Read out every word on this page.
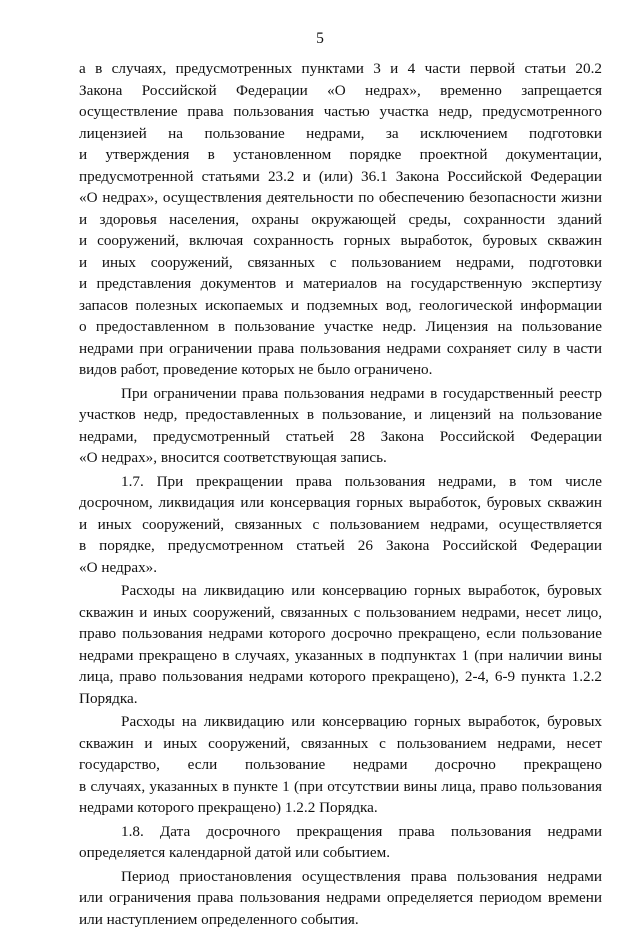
5
а в случаях, предусмотренных пунктами 3 и 4 части первой статьи 20.2
Закона Российской Федерации «О недрах», временно запрещается
осуществление права пользования частью участка недр, предусмотренного
лицензией на пользование недрами, за исключением подготовки
и утверждения в установленном порядке проектной документации,
предусмотренной статьями 23.2 и (или) 36.1 Закона Российской Федерации
«О недрах», осуществления деятельности по обеспечению безопасности жизни
и здоровья населения, охраны окружающей среды, сохранности зданий
и сооружений, включая сохранность горных выработок, буровых скважин
и иных сооружений, связанных с пользованием недрами, подготовки
и представления документов и материалов на государственную экспертизу
запасов полезных ископаемых и подземных вод, геологической информации
о предоставленном в пользование участке недр. Лицензия на пользование
недрами при ограничении права пользования недрами сохраняет силу в части
видов работ, проведение которых не было ограничено.
При ограничении права пользования недрами в государственный реестр
участков недр, предоставленных в пользование, и лицензий на пользование
недрами, предусмотренный статьей 28 Закона Российской Федерации
«О недрах», вносится соответствующая запись.
1.7. При прекращении права пользования недрами, в том числе
досрочном, ликвидация или консервация горных выработок, буровых скважин
и иных сооружений, связанных с пользованием недрами, осуществляется
в порядке, предусмотренном статьей 26 Закона Российской Федерации
«О недрах».
Расходы на ликвидацию или консервацию горных выработок, буровых
скважин и иных сооружений, связанных с пользованием недрами, несет лицо,
право пользования недрами которого досрочно прекращено, если пользование
недрами прекращено в случаях, указанных в подпунктах 1 (при наличии вины
лица, право пользования недрами которого прекращено), 2-4, 6-9 пункта 1.2.2
Порядка.
Расходы на ликвидацию или консервацию горных выработок, буровых
скважин и иных сооружений, связанных с пользованием недрами, несет
государство, если пользование недрами досрочно прекращено
в случаях, указанных в пункте 1 (при отсутствии вины лица, право пользования
недрами которого прекращено) 1.2.2 Порядка.
1.8. Дата досрочного прекращения права пользования недрами
определяется календарной датой или событием.
Период приостановления осуществления права пользования недрами
или ограничения права пользования недрами определяется периодом времени
или наступлением определенного события.
